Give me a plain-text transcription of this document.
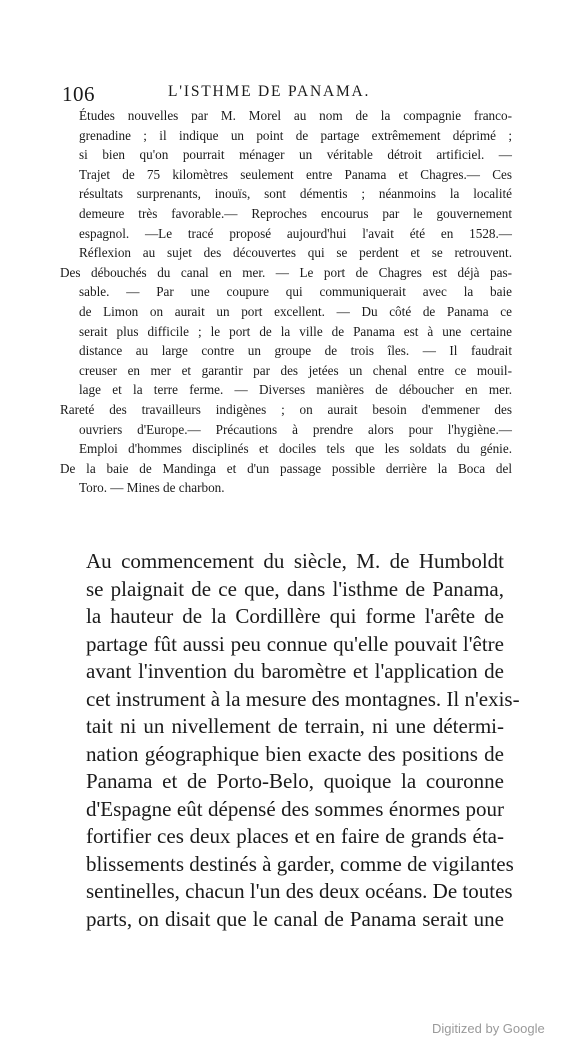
106	L'ISTHME DE PANAMA.
Études nouvelles par M. Morel au nom de la compagnie franco-
grenadine ; il indique un point de partage extrêmement déprimé ;
si bien qu'on pourrait ménager un véritable détroit artificiel. —
Trajet de 75 kilomètres seulement entre Panama et Chagres.— Ces
résultats surprenants, inouïs, sont démentis ; néanmoins la localité
demeure très favorable.— Reproches encourus par le gouvernement
espagnol. —Le tracé proposé aujourd'hui l'avait été en 1528.—
Réflexion au sujet des découvertes qui se perdent et se retrouvent.
Des débouchés du canal en mer. — Le port de Chagres est déjà pas-
sable. — Par une coupure qui communiquerait avec la baie
de Limon on aurait un port excellent. — Du côté de Panama ce
serait plus difficile ; le port de la ville de Panama est à une certaine
distance au large contre un groupe de trois îles. — Il faudrait
creuser en mer et garantir par des jetées un chenal entre ce mouil-
lage et la terre ferme. — Diverses manières de déboucher en mer.
Rareté des travailleurs indigènes ; on aurait besoin d'emmener des
ouvriers d'Europe.— Précautions à prendre alors pour l'hygiène.—
Emploi d'hommes disciplinés et dociles tels que les soldats du génie.
De la baie de Mandinga et d'un passage possible derrière la Boca del
Toro. — Mines de charbon.
Au commencement du siècle, M. de Humboldt
se plaignait de ce que, dans l'isthme de Panama,
la hauteur de la Cordillère qui forme l'arête de
partage fût aussi peu connue qu'elle pouvait l'être
avant l'invention du baromètre et l'application de
cet instrument à la mesure des montagnes. Il n'exis-
tait ni un nivellement de terrain, ni une détermi-
nation géographique bien exacte des positions de
Panama et de Porto-Belo, quoique la couronne
d'Espagne eût dépensé des sommes énormes pour
fortifier ces deux places et en faire de grands éta-
blissements destinés à garder, comme de vigilantes
sentinelles, chacun l'un des deux océans. De toutes
parts, on disait que le canal de Panama serait une
Digitized by Google
